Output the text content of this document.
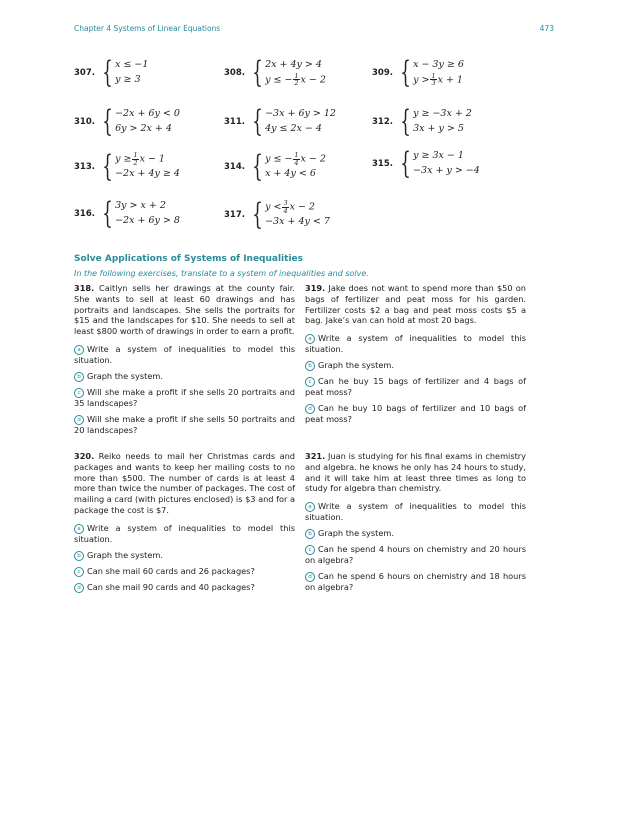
Chapter 4 Systems of Linear Equations	473
307. { x ≤ −1
y ≥ 3
308. { 2x + 4y > 4
y ≤ − $\frac{1}{2}$ x − 2
309. { x − 3y ≥ 6
$y > \frac{1}{3}$ x + 1
310. { −2x + 6y < 0
6y > 2x + 4
311. { −3x + 6y > 12
4y ≤ 2x − 4
312. { y ≥ −3x + 2
3x + y > 5
313. { $y \ge \frac{1}{2}$ x − 1
−2x + 4y ≥ 4
314. { y ≤ − $\frac{1}{4}$ x − 2
x + 4y < 6
315. { y ≥ 3x − 1
−3x + y > −4
316. { 3y > x + 2
−2x + 6y > 8	317. { $y < \frac{3}{4}$ x − 2
−3x + 4y < 7
Solve Applications of Systems of Inequalities
In the following exercises, translate to a system of inequalities and solve.

318. Caitlyn sells her drawings at the county fair. She wants to sell at least 60 drawings and has portraits and landscapes. She sells the portraits for $15 and the landscapes for $10. She needs to sell at least $800 worth of drawings in order to earn a profit.

a Write a system of inequalities to model this situation.
b Graph the system.
c Will she make a profit if she sells 20 portraits and 35 landscapes?
d Will she make a profit if she sells 50 portraits and 20 landscapes?

319. Jake does not want to spend more than $50 on bags of fertilizer and peat moss for his garden. Fertilizer costs $2 a bag and peat moss costs $5 a bag. Jake’s van can hold at most 20 bags.

a Write a system of inequalities to model this situation.
b Graph the system.
c Can he buy 15 bags of fertilizer and 4 bags of peat moss?
d Can he buy 10 bags of fertilizer and 10 bags of peat moss?

320. Reiko needs to mail her Christmas cards and packages and wants to keep her mailing costs to no more than $500. The number of cards is at least 4 more than twice the number of packages. The cost of mailing a card (with pictures enclosed) is $3 and for a package the cost is $7.

a Write a system of inequalities to model this situation.
b Graph the system.
c Can she mail 60 cards and 26 packages?
d Can she mail 90 cards and 40 packages?

321. Juan is studying for his final exams in chemistry and algebra. he knows he only has 24 hours to study, and it will take him at least three times as long to study for algebra than chemistry.

a Write a system of inequalities to model this situation.
b Graph the system.
c Can he spend 4 hours on chemistry and 20 hours on algebra?
d Can he spend 6 hours on chemistry and 18 hours on algebra?
